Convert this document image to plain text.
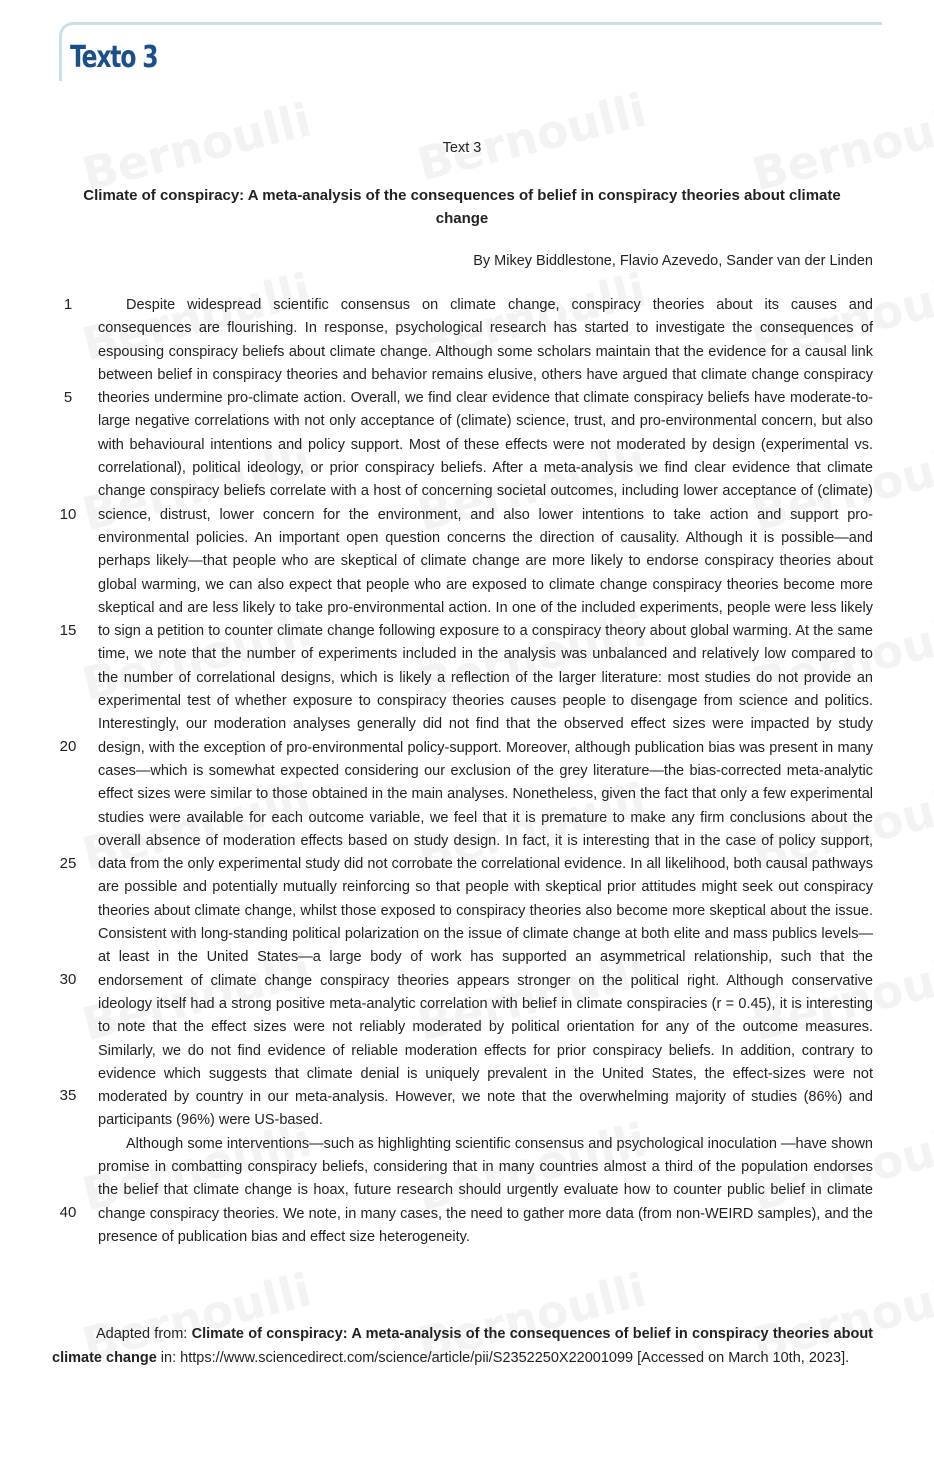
Texto 3
Text 3
Climate of conspiracy: A meta-analysis of the consequences of belief in conspiracy theories about climate change
By Mikey Biddlestone, Flavio Azevedo, Sander van der Linden
1
5
10
15
20
25
30
35
40

Despite widespread scientific consensus on climate change, conspiracy theories about its causes and consequences are flourishing. In response, psychological research has started to investigate the consequences of espousing conspiracy beliefs about climate change. Although some scholars maintain that the evidence for a causal link between belief in conspiracy theories and behavior remains elusive, others have argued that climate change conspiracy theories undermine pro-climate action. Overall, we find clear evidence that climate conspiracy beliefs have moderate-to-large negative correlations with not only acceptance of (climate) science, trust, and pro-environmental concern, but also with behavioural intentions and policy support. Most of these effects were not moderated by design (experimental vs. correlational), political ideology, or prior conspiracy beliefs. After a meta-analysis we find clear evidence that climate change conspiracy beliefs correlate with a host of concerning societal outcomes, including lower acceptance of (climate) science, distrust, lower concern for the environment, and also lower intentions to take action and support pro-environmental policies. An important open question concerns the direction of causality. Although it is possible—and perhaps likely—that people who are skeptical of climate change are more likely to endorse conspiracy theories about global warming, we can also expect that people who are exposed to climate change conspiracy theories become more skeptical and are less likely to take pro-environmental action. In one of the included experiments, people were less likely to sign a petition to counter climate change following exposure to a conspiracy theory about global warming. At the same time, we note that the number of experiments included in the analysis was unbalanced and relatively low compared to the number of correlational designs, which is likely a reflection of the larger literature: most studies do not provide an experimental test of whether exposure to conspiracy theories causes people to disengage from science and politics. Interestingly, our moderation analyses generally did not find that the observed effect sizes were impacted by study design, with the exception of pro-environmental policy-support. Moreover, although publication bias was present in many cases—which is somewhat expected considering our exclusion of the grey literature—the bias-corrected meta-analytic effect sizes were similar to those obtained in the main analyses. Nonetheless, given the fact that only a few experimental studies were available for each outcome variable, we feel that it is premature to make any firm conclusions about the overall absence of moderation effects based on study design. In fact, it is interesting that in the case of policy support, data from the only experimental study did not corrobate the correlational evidence. In all likelihood, both causal pathways are possible and potentially mutually reinforcing so that people with skeptical prior attitudes might seek out conspiracy theories about climate change, whilst those exposed to conspiracy theories also become more skeptical about the issue. Consistent with long-standing political polarization on the issue of climate change at both elite and mass publics levels—at least in the United States—a large body of work has supported an asymmetrical relationship, such that the endorsement of climate change conspiracy theories appears stronger on the political right. Although conservative ideology itself had a strong positive meta-analytic correlation with belief in climate conspiracies (r = 0.45), it is interesting to note that the effect sizes were not reliably moderated by political orientation for any of the outcome measures. Similarly, we do not find evidence of reliable moderation effects for prior conspiracy beliefs. In addition, contrary to evidence which suggests that climate denial is uniquely prevalent in the United States, the effect-sizes were not moderated by country in our meta-analysis. However, we note that the overwhelming majority of studies (86%) and participants (96%) were US-based.

Although some interventions—such as highlighting scientific consensus and psychological inoculation —have shown promise in combatting conspiracy beliefs, considering that in many countries almost a third of the population endorses the belief that climate change is hoax, future research should urgently evaluate how to counter public belief in climate change conspiracy theories. We note, in many cases, the need to gather more data (from non-WEIRD samples), and the presence of publication bias and effect size heterogeneity.

Adapted from: Climate of conspiracy: A meta-analysis of the consequences of belief in conspiracy theories about climate change in: https://www.sciencedirect.com/science/article/pii/S2352250X22001099 [Accessed on March 10th, 2023].
